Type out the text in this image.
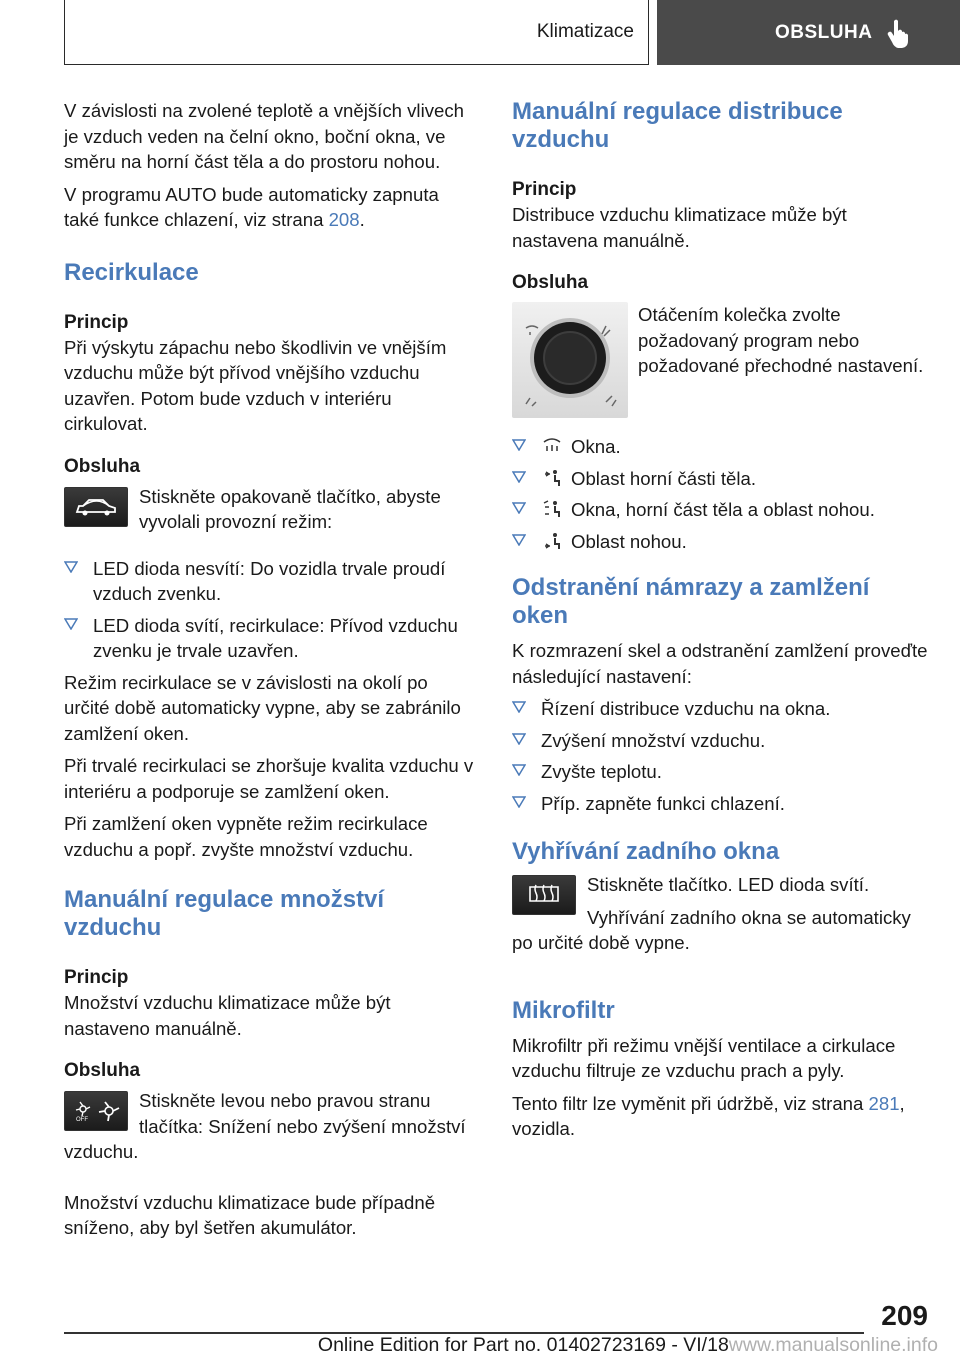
Klimatizace	OBSLUHA

V závislosti na zvolené teplotě a vnějších vlivech je vzduch veden na čelní okno, boční okna, ve směru na horní část těla a do prostoru nohou.

V programu AUTO bude automaticky zapnuta také funkce chlazení, viz strana 208.

Recirkulace
Princip

Při výskytu zápachu nebo škodlivin ve vnějším vzduchu může být přívod vnějšího vzduchu uzavřen. Potom bude vzduch v interiéru cirkulovat.

Obsluha

Stiskněte opakovaně tlačítko, abyste vyvolali provozní režim:

LED dioda nesvítí: Do vozidla trvale proudí vzduch zvenku.
LED dioda svítí, recirkulace: Přívod vzduchu zvenku je trvale uzavřen.

Režim recirkulace se v závislosti na okolí po určité době automaticky vypne, aby se zabránilo zamlžení oken.

Při trvalé recirkulaci se zhoršuje kvalita vzduchu v interiéru a podporuje se zamlžení oken.

Při zamlžení oken vypněte režim recirkulace vzduchu a popř. zvyšte množství vzduchu.

Manuální regulace množství vzduchu
Princip

Množství vzduchu klimatizace může být nastaveno manuálně.

Obsluha
OFF

Stiskněte levou nebo pravou stranu tlačítka: Snížení nebo zvýšení množství vzduchu.

Množství vzduchu klimatizace bude případně sníženo, aby byl šetřen akumulátor.

Manuální regulace distribuce vzduchu
Princip

Distribuce vzduchu klimatizace může být nastavena manuálně.

Obsluha

Otáčením kolečka zvolte požadovaný program nebo požadované přechodné nastavení.

Okna.
Oblast horní části těla.
Okna, horní část těla a oblast nohou.
Oblast nohou.
Odstranění námrazy a zamlžení oken

K rozmrazení skel a odstranění zamlžení proveďte následující nastavení:

Řízení distribuce vzduchu na okna.
Zvýšení množství vzduchu.
Zvyšte teplotu.
Příp. zapněte funkci chlazení.
Vyhřívání zadního okna

Stiskněte tlačítko. LED dioda svítí.

Vyhřívání zadního okna se automaticky po určité době vypne.

Mikrofiltr

Mikrofiltr při režimu vnější ventilace a cirkulace vzduchu filtruje ze vzduchu prach a pyly.

Tento filtr lze vyměnit při údržbě, viz strana 281, vozidla.

209
Online Edition for Part no. 01402723169 - VI/18www.manualsonline.info
